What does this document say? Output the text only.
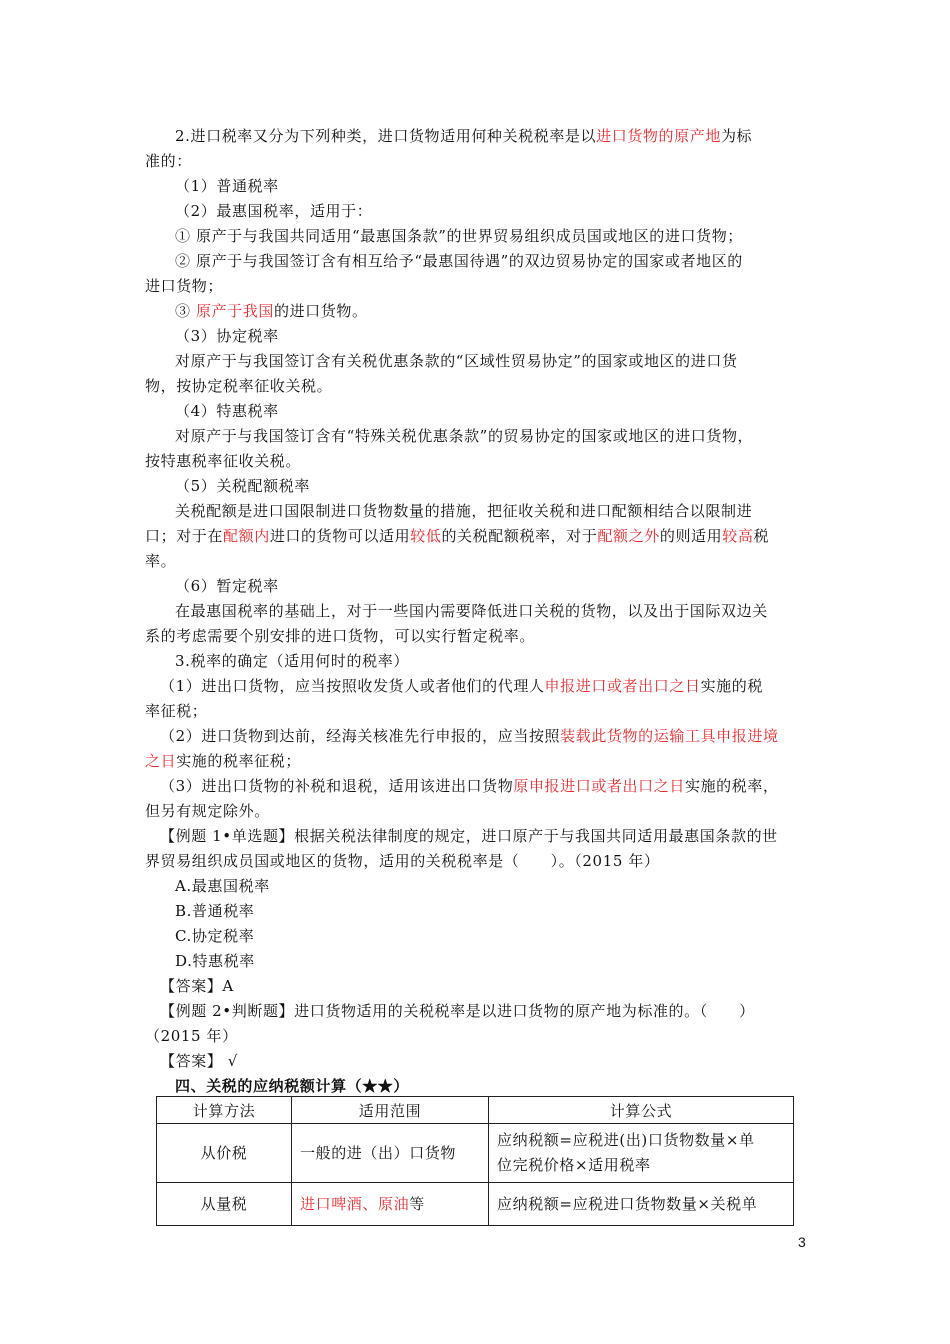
2.进口税率又分为下列种类，进口货物适用何种关税税率是以进口货物的原产地为标
准的：
（1）普通税率
（2）最惠国税率，适用于：
① 原产于与我国共同适用“最惠国条款”的世界贸易组织成员国或地区的进口货物；
② 原产于与我国签订含有相互给予“最惠国待遇”的双边贸易协定的国家或者地区的
进口货物；
③ 原产于我国的进口货物。
（3）协定税率
对原产于与我国签订含有关税优惠条款的“区域性贸易协定”的国家或地区的进口货
物，按协定税率征收关税。
（4）特惠税率
对原产于与我国签订含有“特殊关税优惠条款”的贸易协定的国家或地区的进口货物，
按特惠税率征收关税。
（5）关税配额税率
关税配额是进口国限制进口货物数量的措施，把征收关税和进口配额相结合以限制进
口；对于在配额内进口的货物可以适用较低的关税配额税率，对于配额之外的则适用较高税
率。
（6）暂定税率
在最惠国税率的基础上，对于一些国内需要降低进口关税的货物，以及出于国际双边关
系的考虑需要个别安排的进口货物，可以实行暂定税率。
3.税率的确定（适用何时的税率）
（1）进出口货物，应当按照收发货人或者他们的代理人申报进口或者出口之日实施的税
率征税；
（2）进口货物到达前，经海关核准先行申报的，应当按照装载此货物的运输工具申报进境
之日实施的税率征税；
（3）进出口货物的补税和退税，适用该进出口货物原申报进口或者出口之日实施的税率，
但另有规定除外。
【例题 1•单选题】根据关税法律制度的规定，进口原产于与我国共同适用最惠国条款的世
界贸易组织成员国或地区的货物，适用的关税税率是（　　）。（2015 年）
A.最惠国税率
B.普通税率
C.协定税率
D.特惠税率
【答案】A
【例题 2•判断题】进口货物适用的关税税率是以进口货物的原产地为标准的。（　　）
（2015 年）
【答案】 √
四、关税的应纳税额计算（★★）
计算方法	适用范围	计算公式
从价税	一般的进（出）口货物	应纳税额=应税进(出)口货物数量×单
位完税价格×适用税率

从量税	进口啤酒、原油等	应纳税额=应税进口货物数量×关税单
3
